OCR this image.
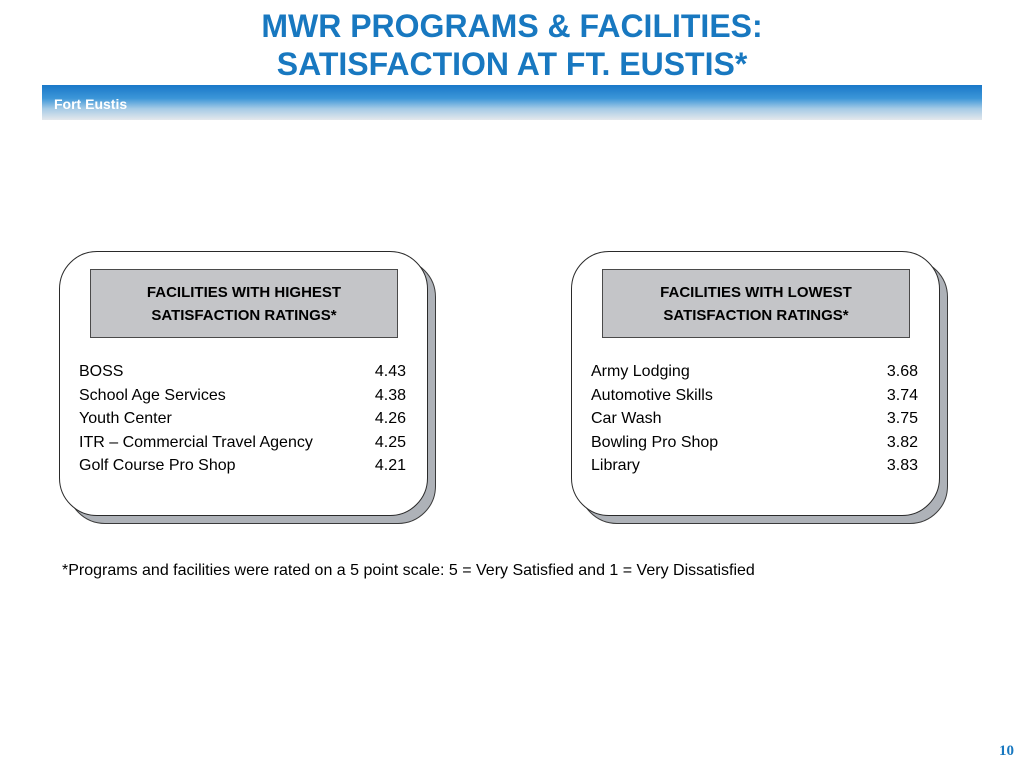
MWR PROGRAMS & FACILITIES:
SATISFACTION AT FT. EUSTIS*
Fort Eustis
FACILITIES WITH HIGHEST
SATISFACTION RATINGS*
BOSS	4.43
School Age Services	4.38
Youth Center	4.26
ITR – Commercial Travel Agency	4.25
Golf Course Pro Shop	4.21
FACILITIES WITH LOWEST
SATISFACTION RATINGS*
Army Lodging	3.68
Automotive Skills	3.74
Car Wash	3.75
Bowling Pro Shop	3.82
Library	3.83
*Programs and facilities were rated on a 5 point scale: 5 = Very Satisfied and 1 = Very Dissatisfied
10
